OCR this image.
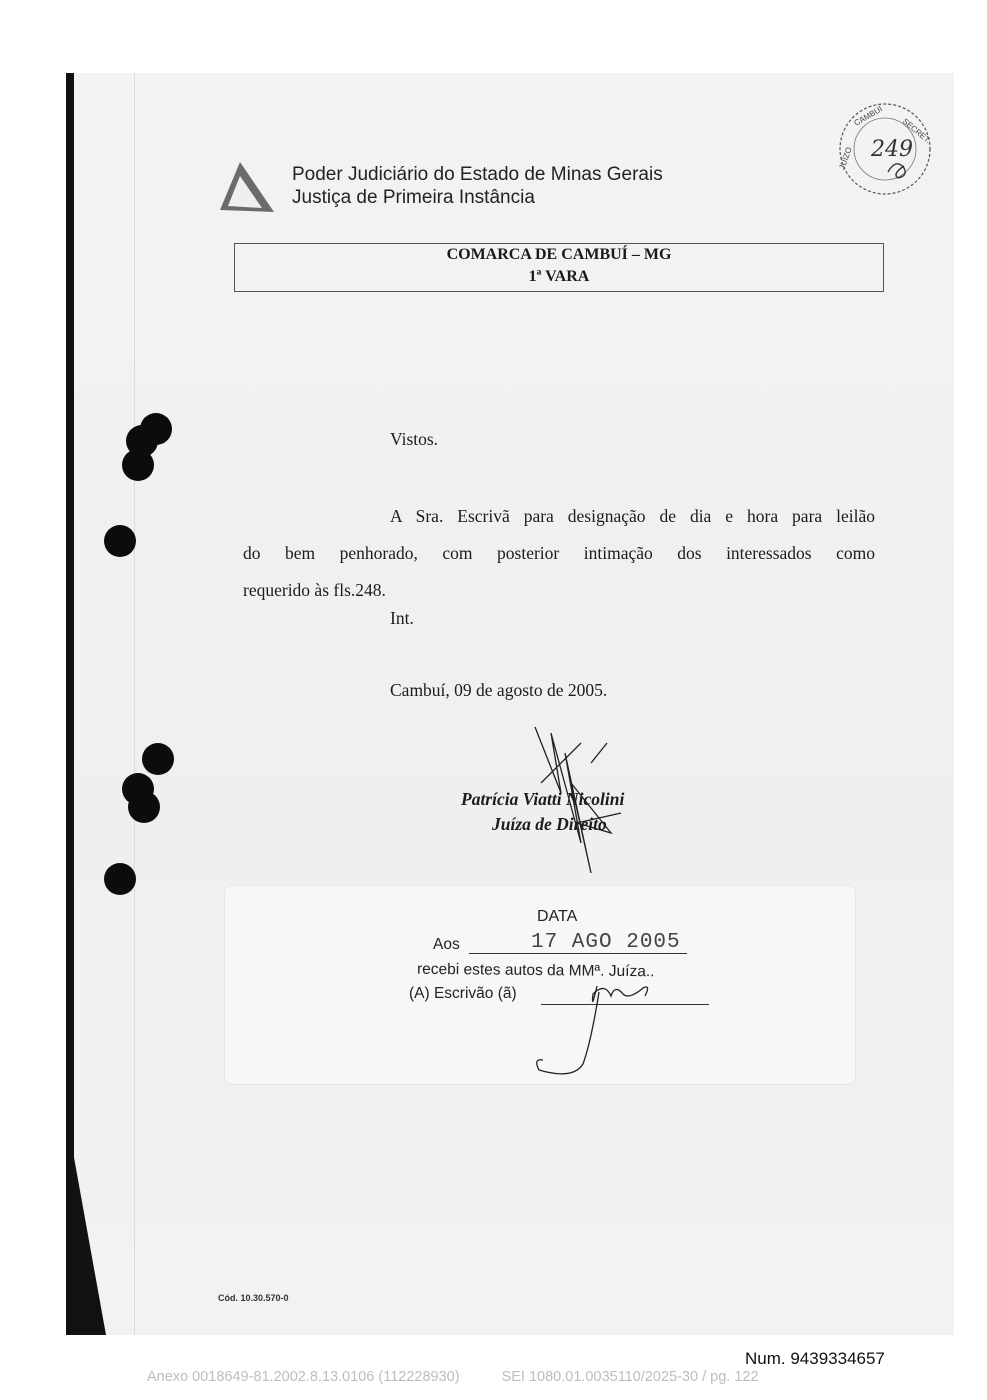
Poder Judiciário do Estado de Minas Gerais
Justiça de Primeira Instância
CAMBUÍ
SECRET.
JUÍZO 249
COMARCA DE CAMBUÍ – MG
1ª VARA
Vistos.
A Sra. Escrivã para designação de dia e hora para leilão
do bem penhorado, com posterior intimação dos interessados como
requerido às fls.248.
Int.
Cambuí, 09 de agosto de 2005.
Patrícia Viatti Nicolini
Juíza de Direito
DATA
Aos	17 AGO 2005
recebi estes autos da MMª. Juíza..
(A) Escrivão (ã)
Cód. 10.30.570-0
Num. 9439334657
Anexo 0018649-81.2002.8.13.0106 (112228930)	SEI 1080.01.0035110/2025-30 / pg. 122
